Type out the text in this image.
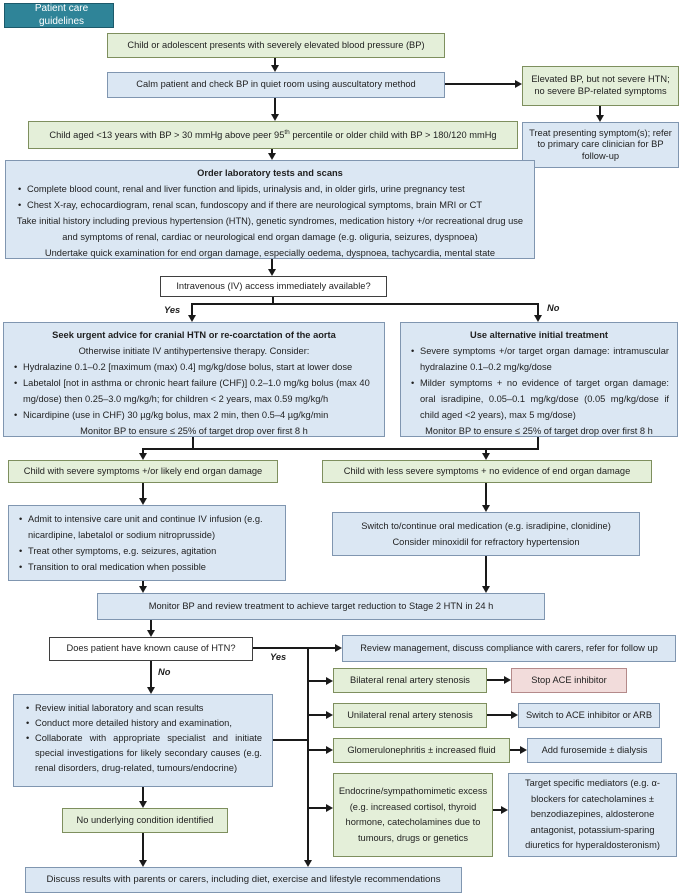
Patient care guidelines
Child or adolescent presents with severely elevated blood pressure (BP)
Calm patient and check BP in quiet room using auscultatory method	Elevated BP, but not severe HTN; no severe BP-related symptoms
Treat presenting symptom(s); refer to primary care clinician for BP follow-up
Child aged <13 years with BP > 30 mmHg above peer 95th percentile or older child with BP > 180/120 mmHg
Order laboratory tests and scans
• Complete blood count, renal and liver function and lipids, urinalysis and, in older girls, urine pregnancy test
• Chest X-ray, echocardiogram, renal scan, fundoscopy and if there are neurological symptoms, brain MRI or CT
Take initial history including previous hypertension (HTN), genetic syndromes, medication history +/or recreational drug use and symptoms of renal, cardiac or neurological end organ damage (e.g. oliguria, seizures, dyspnoea)
Undertake quick examination for end organ damage, especially oedema, dyspnoea, tachycardia, mental state
Intravenous (IV) access immediately available?
Seek urgent advice for cranial HTN or re-coarctation of the aorta
Otherwise initiate IV antihypertensive therapy. Consider:
• Hydralazine 0.1–0.2 [maximum (max) 0.4] mg/kg/dose bolus, start at lower dose
• Labetalol [not in asthma or chronic heart failure (CHF)] 0.2–1.0 mg/kg bolus (max 40 mg/dose) then 0.25–3.0 mg/kg/h; for children < 2 years, max 0.59 mg/kg/h
• Nicardipine (use in CHF) 30 µg/kg bolus, max 2 min, then 0.5–4 µg/kg/min
Monitor BP to ensure ≤ 25% of target drop over first 8 h
Use alternative initial treatment
• Severe symptoms +/or target organ damage: intramuscular hydralazine 0.1–0.2 mg/kg/dose
• Milder symptoms + no evidence of target organ damage: oral isradipine, 0.05–0.1 mg/kg/dose (0.05 mg/kg/dose if child aged <2 years), max 5 mg/dose)
Monitor BP to ensure ≤ 25% of target drop over first 8 h
Child with severe symptoms +/or likely end organ damage	Child with less severe symptoms + no evidence of end organ damage
• Admit to intensive care unit and continue IV infusion (e.g. nicardipine, labetalol or sodium nitroprusside)
• Treat other symptoms, e.g. seizures, agitation
• Transition to oral medication when possible
Switch to/continue oral medication (e.g. isradipine, clonidine)
Consider minoxidil for refractory hypertension
Monitor BP and review treatment to achieve target reduction to Stage 2 HTN in 24 h
Does patient have known cause of HTN?	Review management, discuss compliance with carers, refer for follow up
Bilateral renal artery stenosis	Stop ACE inhibitor
Unilateral renal artery stenosis	Switch to ACE inhibitor or ARB
Glomerulonephritis ± increased fluid	Add furosemide ± dialysis
Endocrine/sympathomimetic excess (e.g. increased cortisol, thyroid hormone, catecholamines due to tumours, drugs or genetics
Target specific mediators (e.g. α-blockers for catecholamines ± benzodiazepines, aldosterone antagonist, potassium-sparing diuretics for hyperaldosteronism)
• Review initial laboratory and scan results
• Conduct more detailed history and examination,
• Collaborate with appropriate specialist and initiate special investigations for likely secondary causes (e.g. renal disorders, drug-related, tumours/endocrine)
No underlying condition identified
Discuss results with parents or carers, including diet, exercise and lifestyle recommendations
Yes	No
Yes
No
